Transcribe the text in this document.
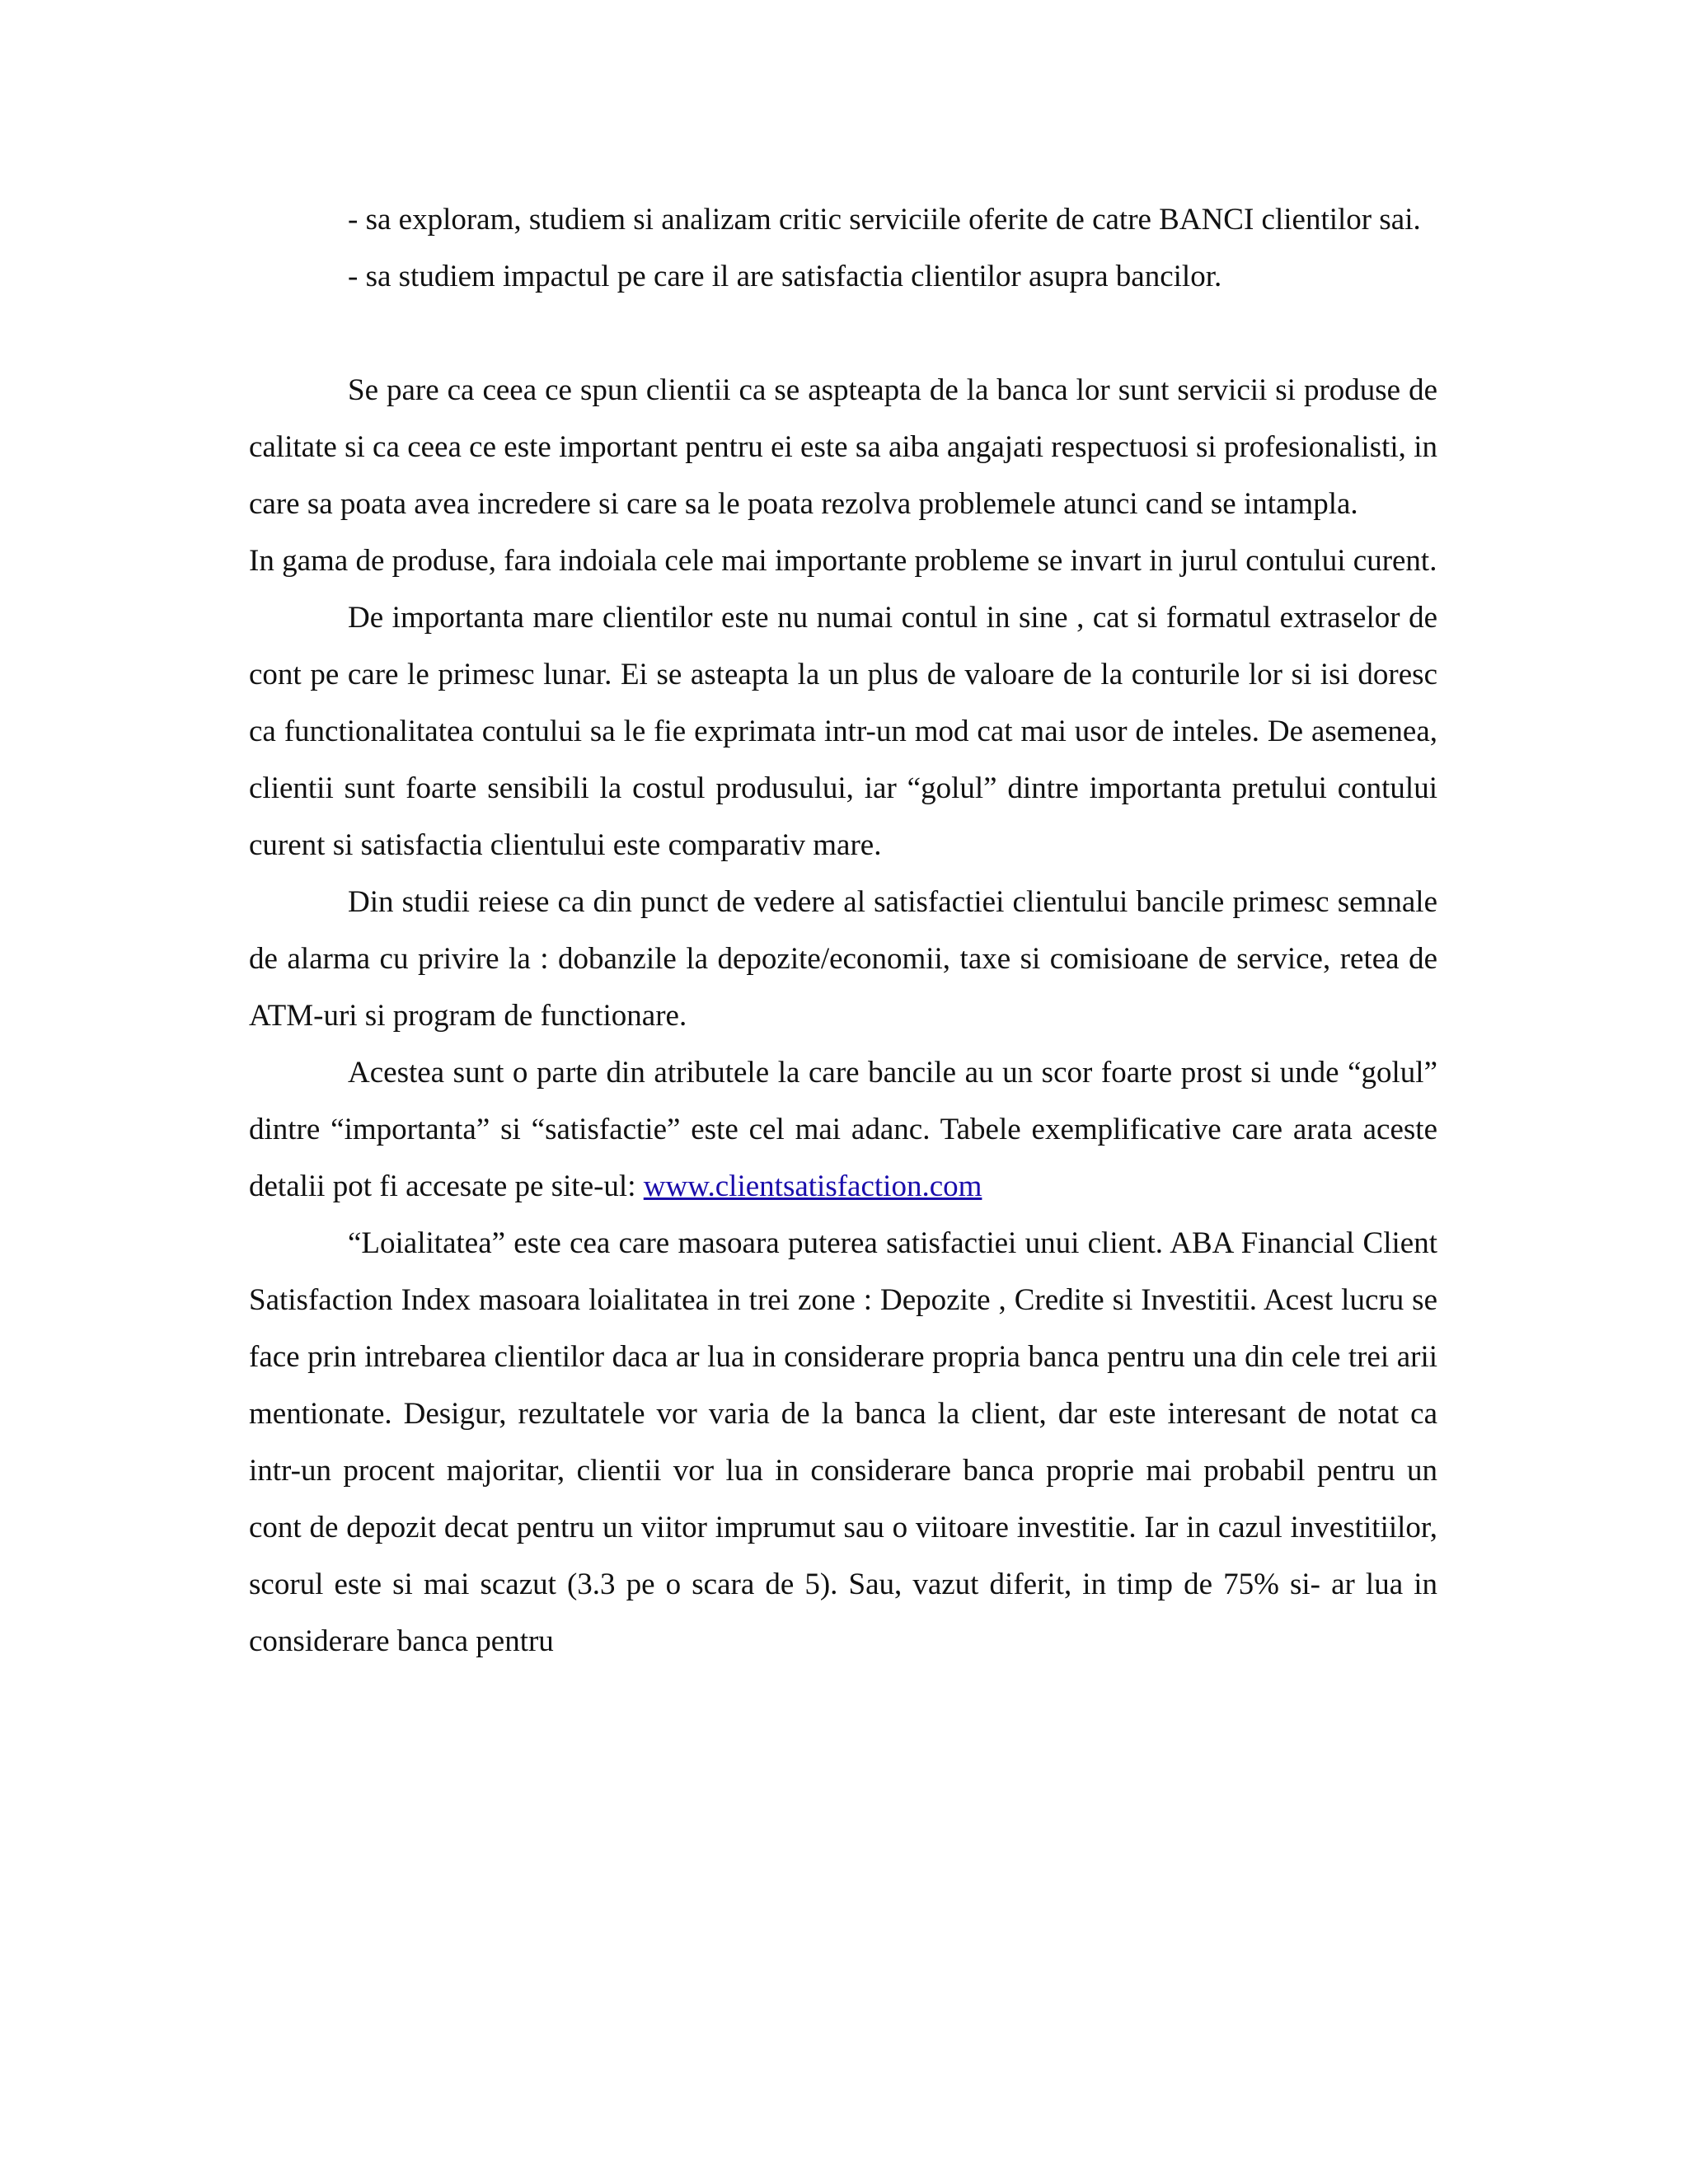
- sa exploram, studiem si analizam critic serviciile oferite de catre BANCI clientilor sai.

- sa studiem impactul pe care il are satisfactia clientilor asupra bancilor.

Se pare ca ceea ce spun clientii ca se aspteapta de la banca lor sunt servicii si produse de calitate si ca ceea ce este important pentru ei este sa aiba angajati respectuosi si profesionalisti, in care sa poata avea incredere si care sa le poata rezolva problemele atunci cand se intampla.

In gama de produse, fara indoiala cele mai importante probleme se invart in jurul contului curent.

De importanta mare clientilor este nu numai contul in sine , cat si formatul extraselor de cont pe care le primesc lunar. Ei se asteapta la un plus de valoare de la conturile lor si isi doresc ca functionalitatea contului sa le fie exprimata intr-un mod cat mai usor de inteles. De asemenea, clientii sunt foarte sensibili la costul produsului, iar “golul” dintre importanta pretului contului curent si satisfactia clientului este comparativ mare.

Din studii reiese ca din punct de vedere al satisfactiei clientului bancile primesc semnale de alarma cu privire la : dobanzile la depozite/economii, taxe si comisioane de service, retea de ATM-uri si program de functionare.

Acestea sunt o parte din atributele la care bancile au un scor foarte prost si unde “golul” dintre “importanta” si “satisfactie” este cel mai adanc. Tabele exemplificative care arata aceste detalii pot fi accesate pe site-ul: www.clientsatisfaction.com

“Loialitatea” este cea care masoara puterea satisfactiei unui client. ABA Financial Client Satisfaction Index masoara loialitatea in trei zone : Depozite , Credite si Investitii. Acest lucru se face prin intrebarea clientilor daca ar lua in considerare propria banca pentru una din cele trei arii mentionate. Desigur, rezultatele vor varia de la banca la client, dar este interesant de notat ca intr-un procent majoritar, clientii vor lua in considerare banca proprie mai probabil pentru un cont de depozit decat pentru un viitor imprumut sau o viitoare investitie. Iar in cazul investitiilor, scorul este si mai scazut (3.3 pe o scara de 5). Sau, vazut diferit, in timp de 75% si- ar lua in considerare banca pentru
